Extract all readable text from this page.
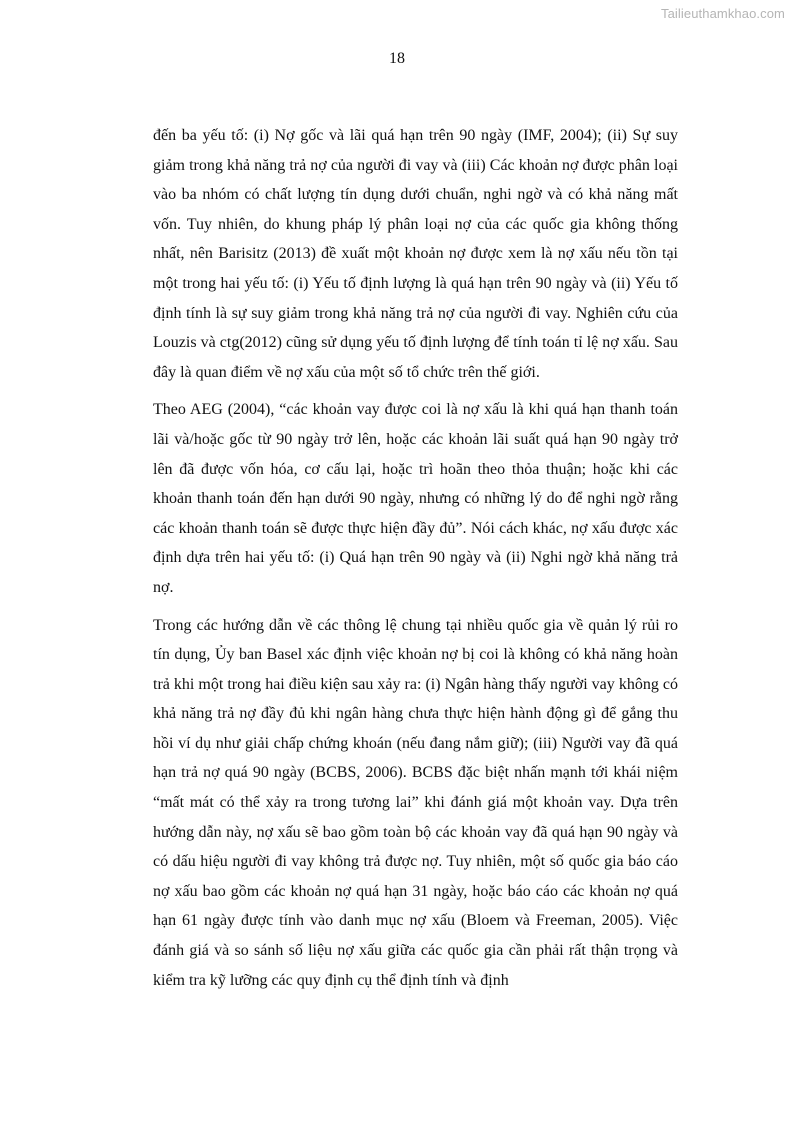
Tailieuthamkhao.com
18

đến ba yếu tố: (i) Nợ gốc và lãi quá hạn trên 90 ngày (IMF, 2004); (ii) Sự suy giảm trong khả năng trả nợ của người đi vay và (iii) Các khoản nợ được phân loại vào ba nhóm có chất lượng tín dụng dưới chuẩn, nghi ngờ và có khả năng mất vốn. Tuy nhiên, do khung pháp lý phân loại nợ của các quốc gia không thống nhất, nên Barisitz (2013) đề xuất một khoản nợ được xem là nợ xấu nếu tồn tại một trong hai yếu tố: (i) Yếu tố định lượng là quá hạn trên 90 ngày và (ii) Yếu tố định tính là sự suy giảm trong khả năng trả nợ của người đi vay. Nghiên cứu của Louzis và ctg(2012) cũng sử dụng yếu tố định lượng để tính toán tỉ lệ nợ xấu. Sau đây là quan điểm về nợ xấu của một số tổ chức trên thế giới.

Theo AEG (2004), “các khoản vay được coi là nợ xấu là khi quá hạn thanh toán lãi và/hoặc gốc từ 90 ngày trở lên, hoặc các khoản lãi suất quá hạn 90 ngày trở lên đã được vốn hóa, cơ cấu lại, hoặc trì hoãn theo thỏa thuận; hoặc khi các khoản thanh toán đến hạn dưới 90 ngày, nhưng có những lý do để nghi ngờ rằng các khoản thanh toán sẽ được thực hiện đầy đủ”. Nói cách khác, nợ xấu được xác định dựa trên hai yếu tố: (i) Quá hạn trên 90 ngày và (ii) Nghi ngờ khả năng trả nợ.

Trong các hướng dẫn về các thông lệ chung tại nhiều quốc gia về quản lý rủi ro tín dụng, Ủy ban Basel xác định việc khoản nợ bị coi là không có khả năng hoàn trả khi một trong hai điều kiện sau xảy ra: (i) Ngân hàng thấy người vay không có khả năng trả nợ đầy đủ khi ngân hàng chưa thực hiện hành động gì để gắng thu hồi ví dụ như giải chấp chứng khoán (nếu đang nắm giữ); (iii) Người vay đã quá hạn trả nợ quá 90 ngày (BCBS, 2006). BCBS đặc biệt nhấn mạnh tới khái niệm “mất mát có thể xảy ra trong tương lai” khi đánh giá một khoản vay. Dựa trên hướng dẫn này, nợ xấu sẽ bao gồm toàn bộ các khoản vay đã quá hạn 90 ngày và có dấu hiệu người đi vay không trả được nợ. Tuy nhiên, một số quốc gia báo cáo nợ xấu bao gồm các khoản nợ quá hạn 31 ngày, hoặc báo cáo các khoản nợ quá hạn 61 ngày được tính vào danh mục nợ xấu (Bloem và Freeman, 2005). Việc đánh giá và so sánh số liệu nợ xấu giữa các quốc gia cần phải rất thận trọng và kiểm tra kỹ lưỡng các quy định cụ thể định tính và định
